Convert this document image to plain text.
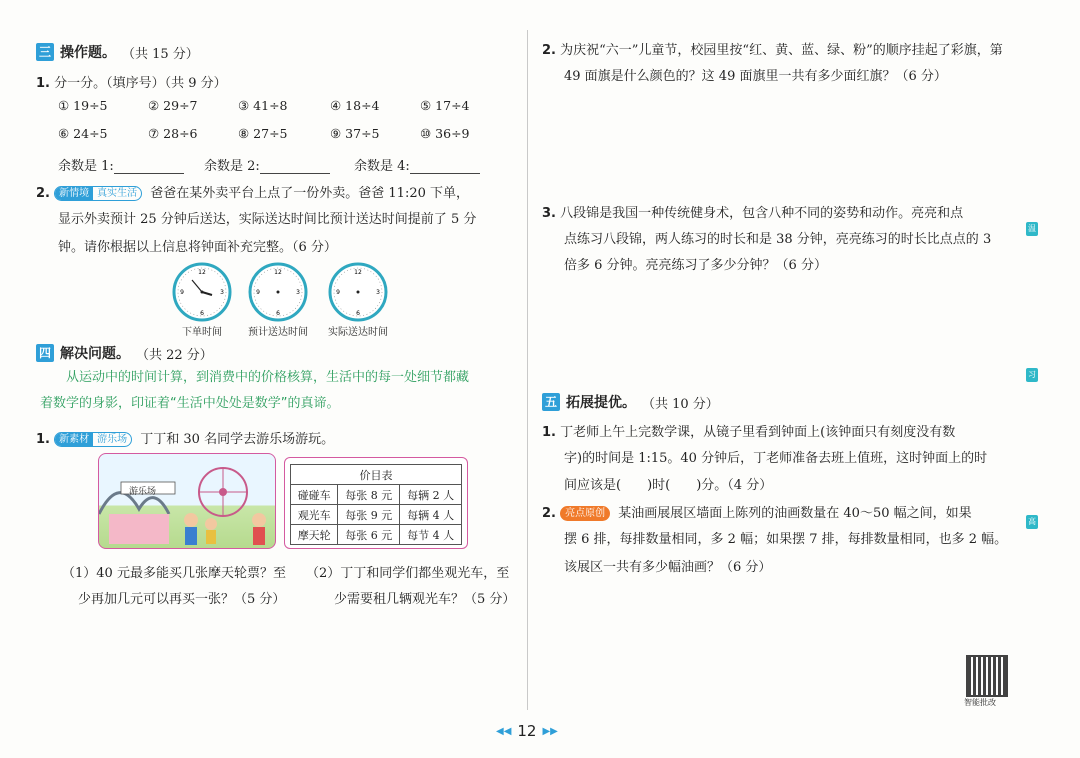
三 操作题。 （共 15 分）
1. 分一分。（填序号）（共 9 分）
① 19÷5	② 29÷7	③ 41÷8	④ 18÷4	⑤ 17÷4
⑥ 24÷5	⑦ 28÷6	⑧ 27÷5	⑨ 37÷5	⑩ 36÷9
余数是 1:	余数是 2:	余数是 4:
2. 新情境 真实生活	爸爸在某外卖平台上点了一份外卖。爸爸 11:20 下单，
显示外卖预计 25 分钟后送达，实际送达时间比预计送达时间提前了 5 分
钟。请你根据以上信息将钟面补充完整。（6 分）
12
3
6
9
12
3
6
9
12
3
6
9
下单时间	预计送达时间	实际送达时间
四 解决问题。 （共 22 分）
从运动中的时间计算，到消费中的价格核算，生活中的每一处细节都藏
着数学的身影，印证着“生活中处处是数学”的真谛。
1. 新素材 游乐场	丁丁和 30 名同学去游乐场游玩。
游乐场
价目表		
碰碰车	每张 8 元	每辆 2 人
观光车	每张 9 元	每辆 4 人
摩天轮	每张 6 元	每节 4 人
（1）40 元最多能买几张摩天轮票？至
少再加几元可以再买一张？（5 分）
（2）丁丁和同学们都坐观光车，至
少需要租几辆观光车？（5 分）
2. 为庆祝“六一”儿童节，校园里按“红、黄、蓝、绿、粉”的顺序挂起了彩旗，第
49 面旗是什么颜色的？这 49 面旗里一共有多少面红旗？（6 分）
3. 八段锦是我国一种传统健身术，包含八种不同的姿势和动作。亮亮和点
点练习八段锦，两人练习的时长和是 38 分钟，亮亮练习的时长比点点的 3
倍多 6 分钟。亮亮练习了多少分钟？（6 分）
五 拓展提优。 （共 10 分）
1. 丁老师上午上完数学课，从镜子里看到钟面上(该钟面只有刻度没有数
字)的时间是 1:15。40 分钟后，丁老师准备去班上值班，这时钟面上的时
间应该是(　　)时(　　)分。（4 分）
2. 亮点原创 某油画展展区墙面上陈列的油画数量在 40～50 幅之间，如果
摆 6 排，每排数量相同，多 2 幅；如果摆 7 排，每排数量相同，也多 2 幅。
该展区一共有多少幅油画？（6 分）
温
习
高
智能批改
◀◀ 12 ▶▶
